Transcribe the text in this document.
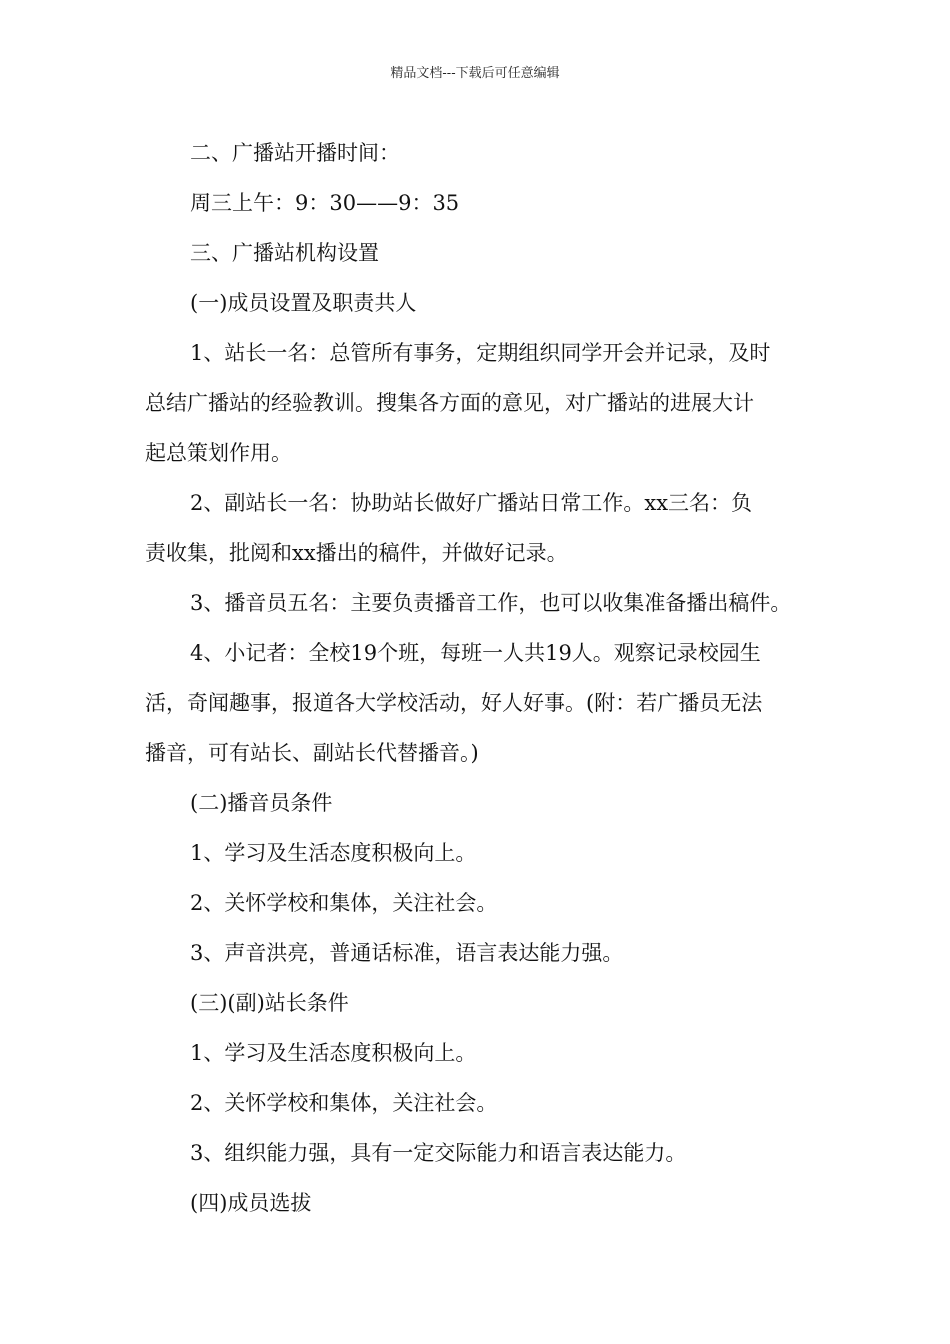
精品文档---下载后可任意编辑
二、广播站开播时间：
周三上午：9：30——9：35
三、广播站机构设置
(一)成员设置及职责共人
1、站长一名：总管所有事务，定期组织同学开会并记录，及时
总结广播站的经验教训。搜集各方面的意见，对广播站的进展大计
起总策划作用。
2、副站长一名：协助站长做好广播站日常工作。xx三名：负
责收集，批阅和xx播出的稿件，并做好记录。
3、播音员五名：主要负责播音工作，也可以收集准备播出稿件。
4、小记者：全校19个班，每班一人共19人。观察记录校园生
活，奇闻趣事，报道各大学校活动，好人好事。(附：若广播员无法
播音，可有站长、副站长代替播音。)
(二)播音员条件
1、学习及生活态度积极向上。
2、关怀学校和集体，关注社会。
3、声音洪亮，普通话标准，语言表达能力强。
(三)(副)站长条件
1、学习及生活态度积极向上。
2、关怀学校和集体，关注社会。
3、组织能力强，具有一定交际能力和语言表达能力。
(四)成员选拔
